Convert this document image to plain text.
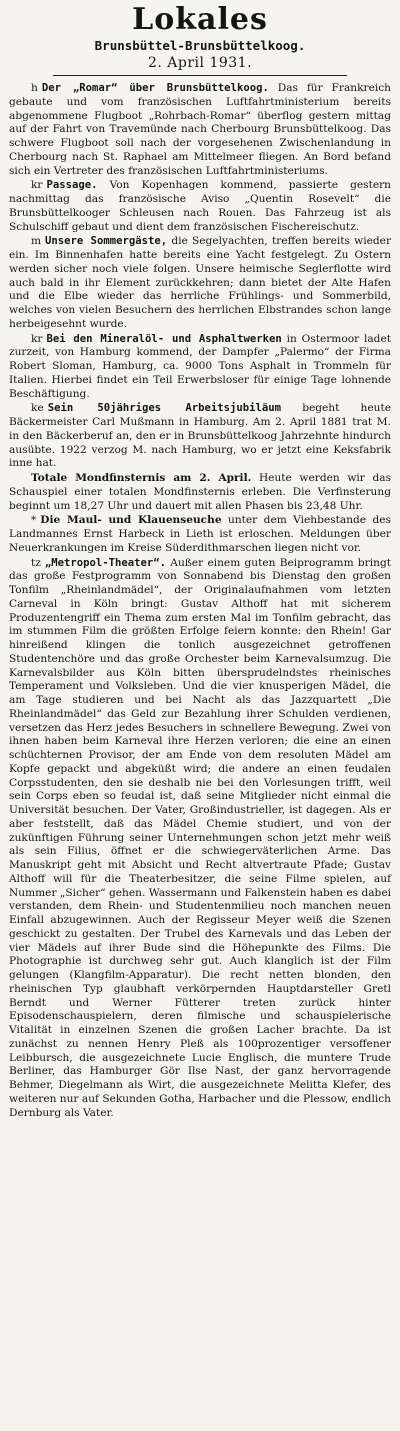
Lokales
Brunsbüttel-Brunsbüttelkoog.
2. April 1931.

h Der „Romar“ über Brunsbüttelkoog. Das für Frankreich gebaute und vom französischen Luftfahrtministerium bereits abgenommene Flugboot „Rohrbach-Romar“ überflog gestern mittag auf der Fahrt von Travemünde nach Cherbourg Brunsbüttelkoog. Das schwere Flugboot soll nach der vorgesehenen Zwischenlandung in Cherbourg nach St. Raphael am Mittelmeer fliegen. An Bord befand sich ein Vertreter des französischen Luftfahrtministeriums.

kr Passage. Von Kopenhagen kommend, passierte gestern nachmittag das französische Aviso „Quentin Rosevelt“ die Brunsbüttelkooger Schleusen nach Rouen. Das Fahrzeug ist als Schulschiff gebaut und dient dem französischen Fischereischutz.

m Unsere Sommergäste, die Segelyachten, treffen bereits wieder ein. Im Binnenhafen hatte bereits eine Yacht festgelegt. Zu Ostern werden sicher noch viele folgen. Unsere heimische Seglerflotte wird auch bald in ihr Element zurückkehren; dann bietet der Alte Hafen und die Elbe wieder das herrliche Frühlings- und Sommerbild, welches von vielen Besuchern des herrlichen Elbstrandes schon lange herbeigesehnt wurde.

kr Bei den Mineralöl- und Asphaltwerken in Ostermoor ladet zurzeit, von Hamburg kommend, der Dampfer „Palermo“ der Firma Robert Sloman, Hamburg, ca. 9000 Tons Asphalt in Trommeln für Italien. Hierbei findet ein Teil Erwerbsloser für einige Tage lohnende Beschäftigung.

ke Sein 50jähriges Arbeitsjubiläum begeht heute Bäckermeister Carl Mußmann in Hamburg. Am 2. April 1881 trat M. in den Bäckerberuf an, den er in Brunsbüttelkoog Jahrzehnte hindurch ausübte. 1922 verzog M. nach Hamburg, wo er jetzt eine Keksfabrik inne hat.

Totale Mondfinsternis am 2. April. Heute werden wir das Schauspiel einer totalen Mondfinsternis erleben. Die Verfinsterung beginnt um 18,27 Uhr und dauert mit allen Phasen bis 23,48 Uhr.

* Die Maul- und Klauenseuche unter dem Viehbestande des Landmannes Ernst Harbeck in Lieth ist erloschen. Meldungen über Neuerkrankungen im Kreise Süderdithmarschen liegen nicht vor.

tz „Metropol-Theater“. Außer einem guten Beiprogramm bringt das große Festprogramm von Sonnabend bis Dienstag den großen Tonfilm „Rheinlandmädel“, der Originalaufnahmen vom letzten Carneval in Köln bringt: Gustav Althoff hat mit sicherem Produzentengriff ein Thema zum ersten Mal im Tonfilm gebracht, das im stummen Film die größten Erfolge feiern konnte: den Rhein! Gar hinreißend klingen die tonlich ausgezeichnet getroffenen Studentenchöre und das große Orchester beim Karnevalsumzug. Die Karnevalsbilder aus Köln bitten übersprudelndstes rheinisches Temperament und Volksleben. Und die vier knusperigen Mädel, die am Tage studieren und bei Nacht als das Jazzquartett „Die Rheinlandmädel“ das Geld zur Bezahlung ihrer Schulden verdienen, versetzen das Herz jedes Besuchers in schnellere Bewegung. Zwei von ihnen haben beim Karneval ihre Herzen verloren; die eine an einen schüchternen Provisor, der am Ende von dem resoluten Mädel am Kopfe gepackt und abgeküßt wird; die andere an einen feudalen Corpsstudenten, den sie deshalb nie bei den Vorlesungen trifft, weil sein Corps eben so feudal ist, daß seine Mitglieder nicht einmal die Universität besuchen. Der Vater, Großindustrieller, ist dagegen. Als er aber feststellt, daß das Mädel Chemie studiert, und von der zukünftigen Führung seiner Unternehmungen schon jetzt mehr weiß als sein Filius, öffnet er die schwiegerväterlichen Arme. Das Manuskript geht mit Absicht und Recht altvertraute Pfade; Gustav Althoff will für die Theaterbesitzer, die seine Filme spielen, auf Nummer „Sicher“ gehen. Wassermann und Falkenstein haben es dabei verstanden, dem Rhein- und Studentenmilieu noch manchen neuen Einfall abzugewinnen. Auch der Regisseur Meyer weiß die Szenen geschickt zu gestalten. Der Trubel des Karnevals und das Leben der vier Mädels auf ihrer Bude sind die Höhepunkte des Films. Die Photographie ist durchweg sehr gut. Auch klanglich ist der Film gelungen (Klangfilm-Apparatur). Die recht netten blonden, den rheinischen Typ glaubhaft verkörpernden Hauptdarsteller Gretl Berndt und Werner Fütterer treten zurück hinter Episodenschauspielern, deren filmische und schauspielerische Vitalität in einzelnen Szenen die großen Lacher brachte. Da ist zunächst zu nennen Henry Pleß als 100prozentiger versoffener Leibbursch, die ausgezeichnete Lucie Englisch, die muntere Trude Berliner, das Hamburger Gör Ilse Nast, der ganz hervorragende Behmer, Diegelmann als Wirt, die ausgezeichnete Melitta Klefer, des weiteren nur auf Sekunden Gotha, Harbacher und die Plessow, endlich Dernburg als Vater.
